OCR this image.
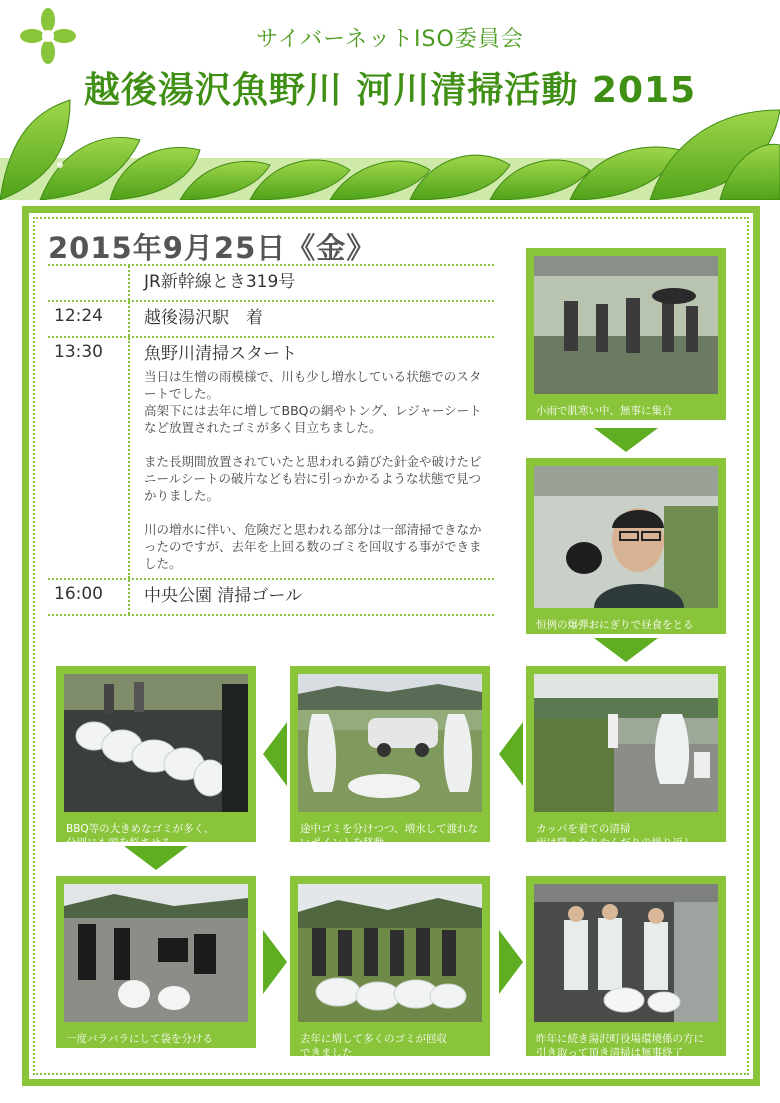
サイバーネットISO委員会
越後湯沢魚野川 河川清掃活動 2015
2015年9月25日《金》
JR新幹線とき319号
12:24	越後湯沢駅　着
13:30	魚野川清掃スタート
当日は生憎の雨模様で、川も少し増水している状態でのスタートでした。
高架下には去年に増してBBQの網やトング、レジャーシートなど放置されたゴミが多く目立ちました。

また長期間放置されていたと思われる錆びた針金や破けたビニールシートの破片なども岩に引っかかるような状態で見つかりました。

川の増水に伴い、危険だと思われる部分は一部清掃できなかったのですが、去年を上回る数のゴミを回収する事ができました。
16:00	中央公園 清掃ゴール
小雨で肌寒い中、無事に集合
恒例の爆弾おにぎりで昼食をとる
カッパを着ての清掃
雨は降ったりやんだりの繰り返し
途中ゴミを分けつつ、増水して渡れないポイントを移動
BBQ等の大きめなゴミが多く、
分別にも頭を悩ませる
一度バラバラにして袋を分ける	去年に増して多くのゴミが回収
できました
昨年に続き湯沢町役場環境係の方に
引き取って頂き清掃は無事終了
